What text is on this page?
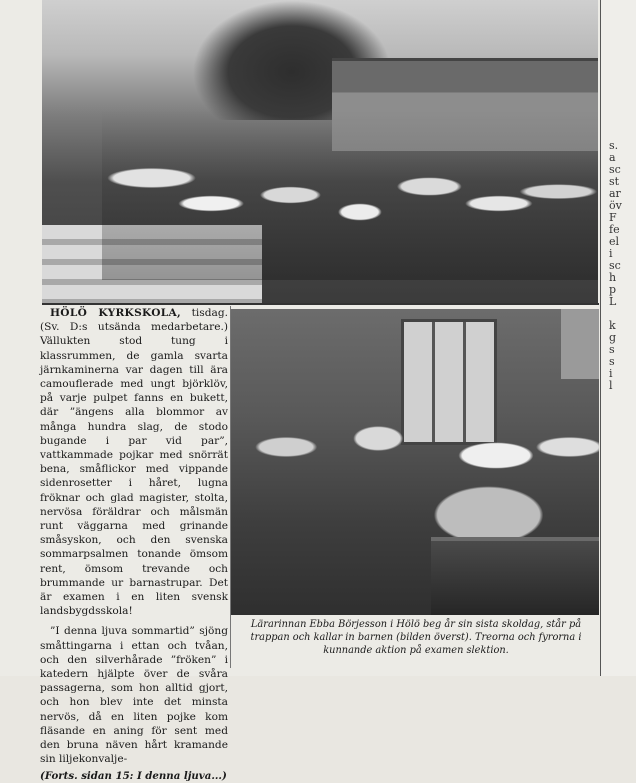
HÖLÖ KYRKSKOLA, tisdag. (Sv. D:s utsända medarbetare.) Vällukten stod tung i klassrummen, de gamla svarta järnkaminerna var dagen till ära camouflerade med ungt björklöv, på varje pulpet fanns en bukett, där ”ängens alla blommor av många hundra slag, de stodo bugande i par vid par”, vattkammade pojkar med snörrät bena, småflickor med vippande sidenrosetter i håret, lugna fröknar och glad magister, stolta, nervösa föräldrar och målsmän runt väggarna med grinande småsyskon, och den svenska sommarpsalmen tonande ömsom rent, ömsom trevande och brummande ur barnastrupar. Det är examen i en liten svensk landsbygdsskola!

”I denna ljuva sommartid” sjöng småttingarna i ettan och tvåan, och den silverhårade ”fröken” i katedern hjälpte över de svåra passagerna, som hon alltid gjort, och hon blev inte det minsta nervös, då en liten pojke kom fläsande en aning för sent med den bruna näven hårt kramande sin liljekonvalje-

(Forts. sidan 15: I denna ljuva...)

Lärarinnan Ebba Börjesson i Hölö beg år sin sista skoldag, står på trappan och kallar in barnen (bilden överst). Treorna och fyrorna i kunnande aktion på examen slektion.
s.
a
sc
st
ar
öv
F
fe
el
i
sc
h
p
L

k
g
s
s
i
l
